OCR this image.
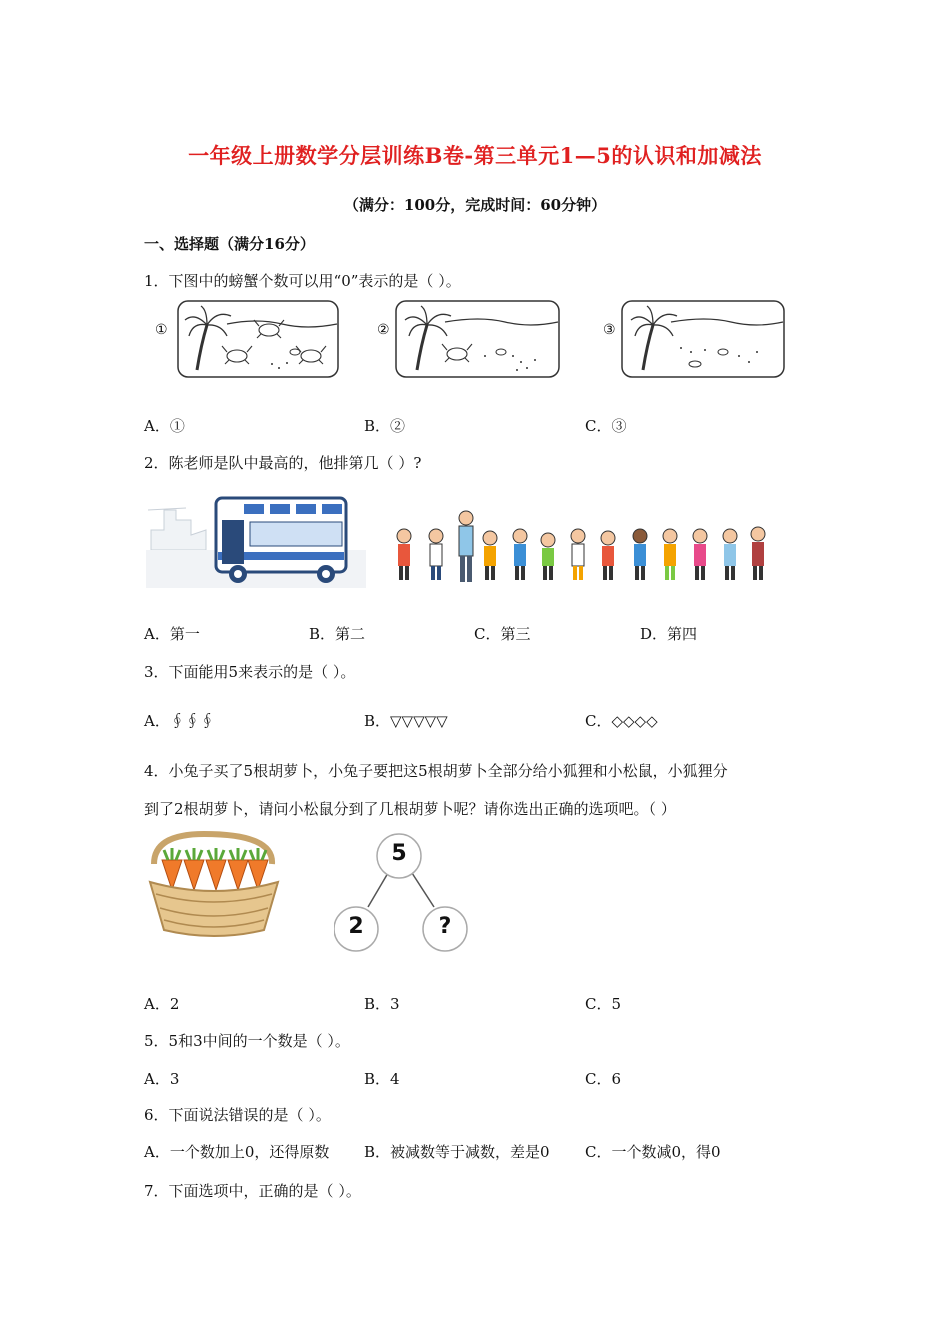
一年级上册数学分层训练B卷-第三单元1—5的认识和加减法
（满分：100分，完成时间：60分钟）
一、选择题（满分16分）
1．下图中的螃蟹个数可以用“0”表示的是（ ）。
①	②	③
A．①	B．②	C．③
2．陈老师是队中最高的，他排第几（ ）?
A．第一	B．第二	C．第三	D．第四
3．下面能用5来表示的是（ ）。
A．∮∮∮	B．▽▽▽▽▽	C．◇◇◇◇
4．小兔子买了5根胡萝卜，小兔子要把这5根胡萝卜全部分给小狐狸和小松鼠，小狐狸分
到了2根胡萝卜，请问小松鼠分到了几根胡萝卜呢？请你选出正确的选项吧。（ ）
5
2	?
A．2	B．3	C．5
5．5和3中间的一个数是（ ）。
A．3	B．4	C．6
6．下面说法错误的是（ ）。
A．一个数加上0，还得原数 B．被减数等于减数，差是0 C．一个数减0，得0
7．下面选项中，正确的是（ ）。
